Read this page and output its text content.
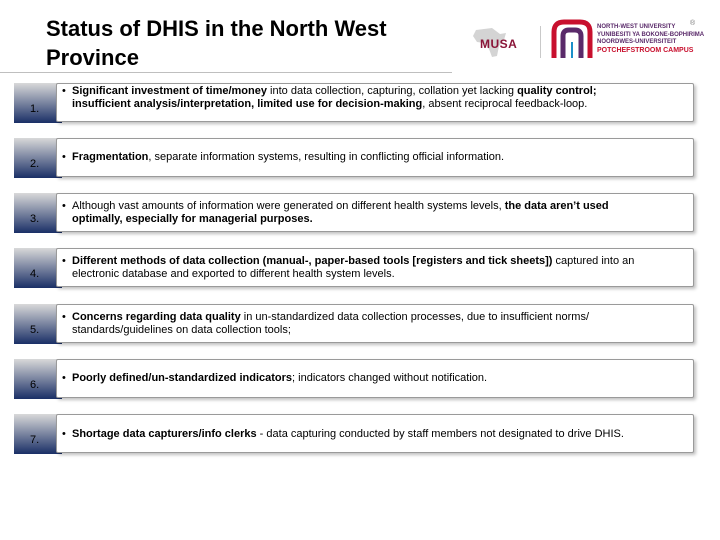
Status of DHIS in the North West
Province
MUSA
NORTH-WEST UNIVERSITY
YUNIBESITI YA BOKONE-BOPHIRIMA
NOORDWES-UNIVERSITEIT
POTCHEFSTROOM CAMPUS
®
1.
• Significant investment of time/money into data collection, capturing, collation yet lacking quality control;
insufficient analysis/interpretation, limited use for decision-making, absent reciprocal feedback-loop.
2.
• Fragmentation, separate information systems, resulting in conflicting official information.
3.
• Although vast amounts of information were generated on different health systems levels, the data aren’t used
optimally, especially for managerial purposes.
4.
• Different methods of data collection (manual-, paper-based tools [registers and tick sheets]) captured into an
electronic database and exported to different health system levels.
5.
• Concerns regarding data quality in un-standardized data collection processes, due to insufficient norms/
standards/guidelines on data collection tools;
6.
• Poorly defined/un-standardized indicators; indicators changed without notification.
7. • Shortage data capturers/info clerks - data capturing conducted by staff members not designated to drive DHIS.
